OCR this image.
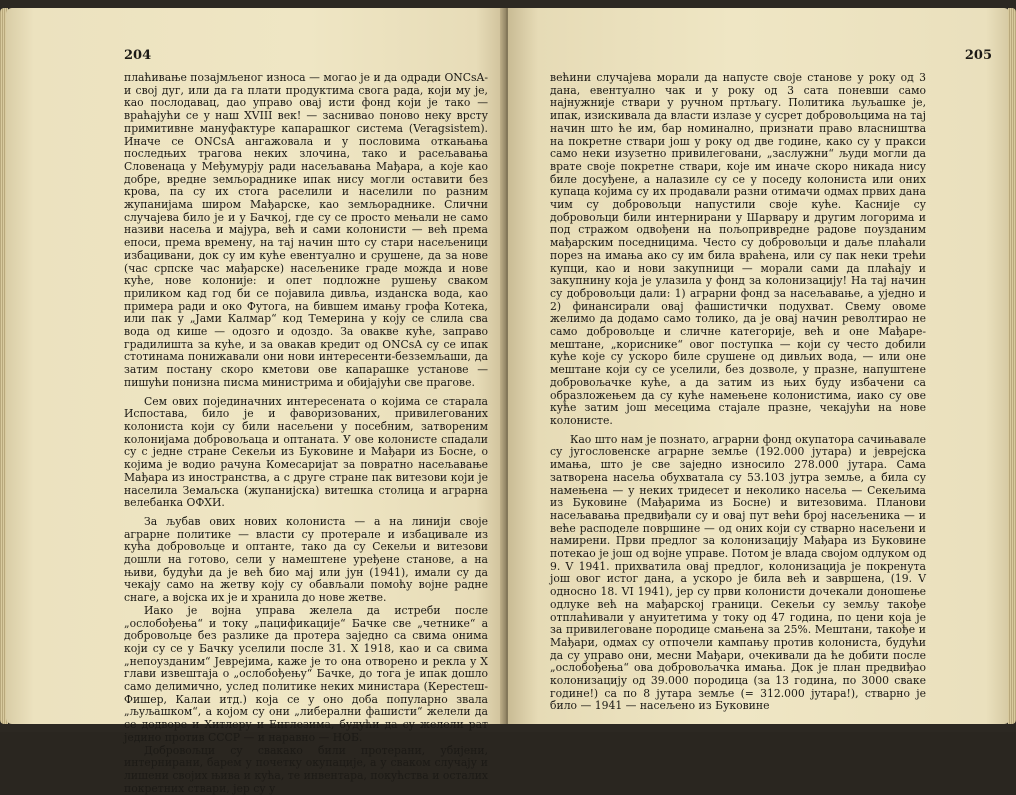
204

плаћивање позајмљеног износа — могао је и да одради ONCsA-и свој дуг, или да га плати продуктима свога рада, који му је, као послодавац, дао управо овај исти фонд који је тако — враћајући се у наш XVIII век! — заснивао поново неку врсту примитивне мануфактуре капарашког система (Veragsistem). Иначе се ONCsA ангажовала и у пословима откањања последњих трагова неких злочина, тако и расељавања Словенаца у Међумурју ради насељавања Мађара, а које као добре, вредне земљораднике ипак нису могли оставити без крова, па су их стога раселили и населили по разним жупанијама широм Мађарске, као земљораднике. Слични случајева било је и у Бачкој, где су се просто мењали не само називи насеља и мајура, већ и сами колонисти — већ према епоси, према времену, на тај начин што су стари насељеници избацивани, док су им куће евентуално и срушене, да за нове (час српске час мађарске) насељенике граде можда и нове куће, нове колоније: и опет подложне рушењу сваком приликом кад год би се појавила дивља, изданска вода, као примера ради и око Футога, на бившем имању грофа Котека, или пак у „Јами Калмар“ код Темерина у коју се слила сва вода од кише — одозго и одоздо. За овакве куће, заправо градилишта за куће, и за овакав кредит од ONCsA су се ипак стотинама понижавали они нови интересенти-безземљаши, да затим постану скоро кметови ове капарашке установе — пишући понизна писма министрима и обијајући све прагове.

Сем ових појединачних интересената о којима се старала Испоставa, било је и фаворизованих, привилегованих колониста који су били насељени у посебним, затвореним колонијама добровољаца и оптаната. У ове колонисте спадали су с једне стране Секељи из Буковине и Мађари из Босне, о којима је водио рачуна Комесаријат за повратно насељавање Мађара из иностранства, а с друге стране пак витезови који је населила Земаљска (жупанијска) витешка столица и аграрна велебанка ОФХИ.

За љубав ових нових колониста — а на линији своје аграрне политике — власти су протерале и избацивале из кућа добровољце и оптанте, тако да су Секељи и витезови дошли на готово, сели у намештене уређене станове, а на њиви, будући да је већ био мај или јун (1941), имали су да чекају само на жетву коју су обављали помоћу војне радне снаге, а војска их је и хранила до нове жетве.

Иако је војна управа желела да истреби после „ослобођења“ и току „пацификације“ Бачке све „четнике“ а добровољце без разлике да протера заједно са свима онима који су се у Бачку уселили после 31. X 1918, као и са свима „непоузданим“ Јеврејима, каже је то она отворено и рекла у X глави извештаја о „ослобођењу“ Бачке, до тога је ипак дошло само делимично, услед политике неких министара (Керестеш-Фишер, Калаи итд.) која се у оно доба популарно звала „љуљашком“, а којом су они „либерални фашисти“ желели да се додворе и Хитлеру и Енглезима, будући да су желели рат једино против СССР — и наравно — НОБ.

Добровољци су свакако били протерани, убијени, интернирани, барем у почетку окупације, а у сваком случају и лишени својих њива и кућа, те инвентара, покућства и осталих покретних ствари, јер су у

205

већини случајева морали да напусте своје станове у року од 3 дана, евентуално чак и у року од 3 сата поневши само најнужније ствари у ручном пртљагу. Политика љуљашке је, ипак, изискивала да власти излазе у сусрет добровољцима на тај начин што ће им, бар номинално, признати право власништва на покретне ствари још у року од две године, како су у пракси само неки изузетно привилеговани, „заслужни“ људи могли да врате своје покретне ствари, које им иначе скоро никада нису биле досуђене, а налазиле су се у поседу колониста или оних купаца којима су их продавали разни отимачи одмах првих дана чим су добровољци напустили своје куће. Касније су добровољци били интернирани у Шарвару и другим логорима и под стражом одвођени на пољопривредне радове поуздaним мађарским поседницима. Често су добровољци и даље плаћали порез на имања ако су им била враћена, или су пак неки трећи купци, као и нови закупници — морали сами да плаћају и закупнину која је улазила у фонд за колонизацију! На тај начин су добровољци дали: 1) аграрни фонд за насељавање, а уједно и 2) финансирали овај фашистички подухват. Свему овоме желимо да додамо само толико, да је овај начин револтирао не само добровољце и сличне категорије, већ и оне Мађаре-мештане, „кориснике“ овог поступка — који су често добили куће које су ускоро биле срушене од дивљих вода, — или оне мештане који су се уселили, без дозволе, у празне, напуштене добровољачке куће, а да затим из њих буду избачени са образложењем да су куће намењене колонистима, иако су ове куће затим још месецима стајале празне, чекајући на нове колонисте.

Као што нам је познато, аграрни фонд окупатора сачињавале су југословенске аграрне земље (192.000 јутара) и јеврејска имања, што је све заједно износило 278.000 јутара. Сама затворена насеља обухватала су 53.103 јутра земље, а била су намењена — у неких тридесет и неколико насеља — Секељима из Буковине (Мађарима из Босне) и витезовима. Планови насељавања предвиђали су и овај пут већи број насељеника — и веће расподеле површине — од оних који су стварно насељени и намирени. Први предлог за колонизацију Мађара из Буковине потекао је још од војне управе. Потом је влада својом одлуком од 9. V 1941. прихватила овај предлог, колонизација је покренута још овог истог дана, а ускоро је била већ и завршена, (19. V односно 18. VI 1941), јер су први колонисти дочекали доношење одлуке већ на мађарској граници. Секељи су земљу такође отплаћивали у ануитетима у току од 47 година, по цени која је за привилеговане породице смањена за 25%. Мештани, такође и Мађари, одмах су отпочели кампању против колониста, будући да су управо они, месни Мађари, очекивали да ће добити после „ослобођења“ ова добровољачка имања. Док је план предвиђао колонизацију од 39.000 породица (за 13 година, по 3000 сваке године!) са по 8 јутара земље (= 312.000 јутара!), стварно је било — 1941 — насељено из Буковине
